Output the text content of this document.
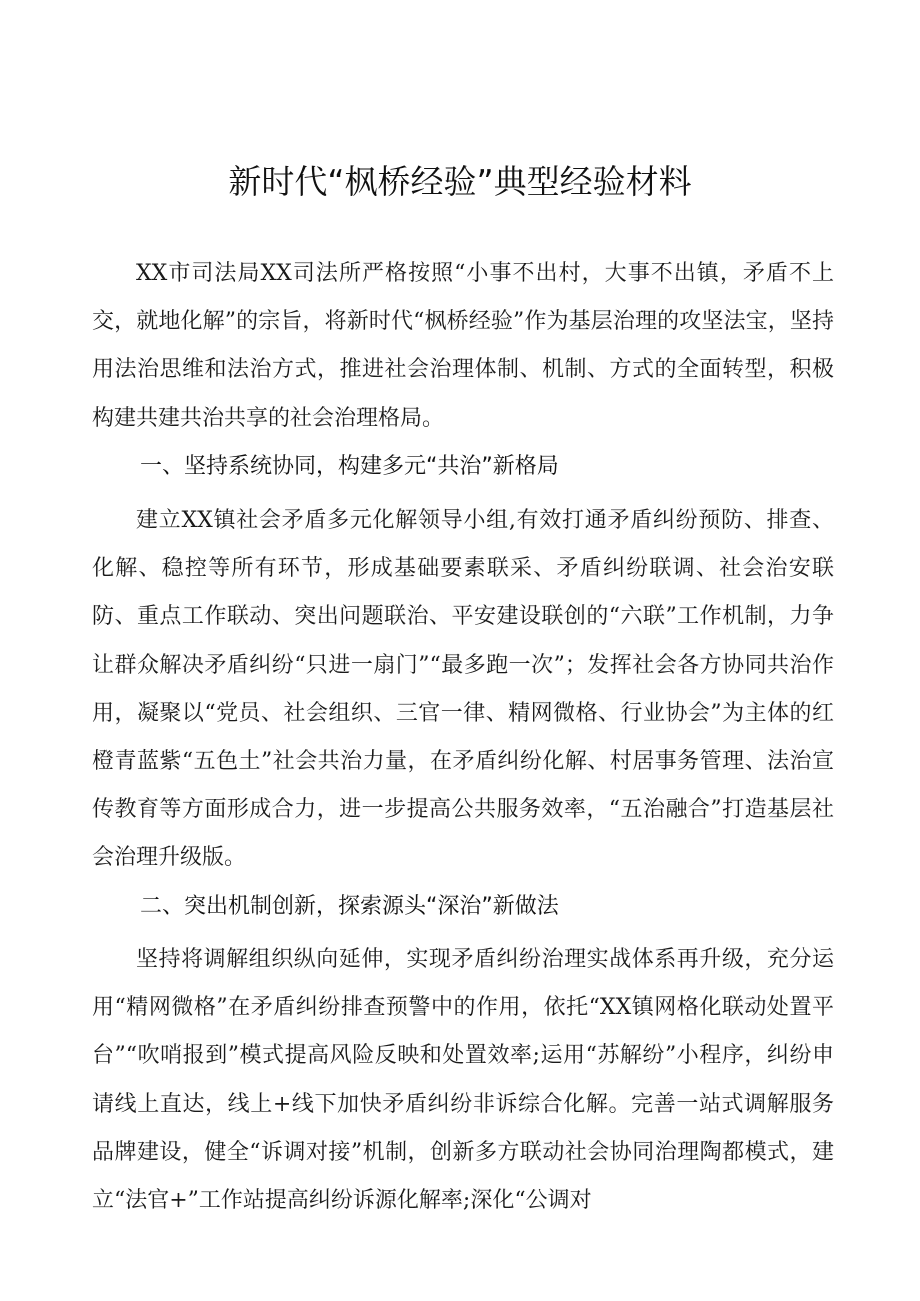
新时代“枫桥经验”典型经验材料

XX市司法局XX司法所严格按照“小事不出村，大事不出镇，矛盾不上交，就地化解”的宗旨，将新时代“枫桥经验”作为基层治理的攻坚法宝，坚持用法治思维和法治方式，推进社会治理体制、机制、方式的全面转型，积极构建共建共治共享的社会治理格局。

一、坚持系统协同，构建多元“共治”新格局

建立XX镇社会矛盾多元化解领导小组,有效打通矛盾纠纷预防、排查、化解、稳控等所有环节，形成基础要素联采、矛盾纠纷联调、社会治安联防、重点工作联动、突出问题联治、平安建设联创的“六联”工作机制，力争让群众解决矛盾纠纷“只进一扇门”“最多跑一次”；发挥社会各方协同共治作用，凝聚以“党员、社会组织、三官一律、精网微格、行业协会”为主体的红橙青蓝紫“五色土”社会共治力量，在矛盾纠纷化解、村居事务管理、法治宣传教育等方面形成合力，进一步提高公共服务效率，“五治融合”打造基层社会治理升级版。

二、突出机制创新，探索源头“深治”新做法

坚持将调解组织纵向延伸，实现矛盾纠纷治理实战体系再升级，充分运用“精网微格”在矛盾纠纷排查预警中的作用，依托“XX镇网格化联动处置平台”“吹哨报到”模式提高风险反映和处置效率;运用“苏解纷”小程序，纠纷申请线上直达，线上+线下加快矛盾纠纷非诉综合化解。完善一站式调解服务品牌建设，健全“诉调对接”机制，创新多方联动社会协同治理陶都模式，建立“法官+”工作站提高纠纷诉源化解率;深化“公调对
